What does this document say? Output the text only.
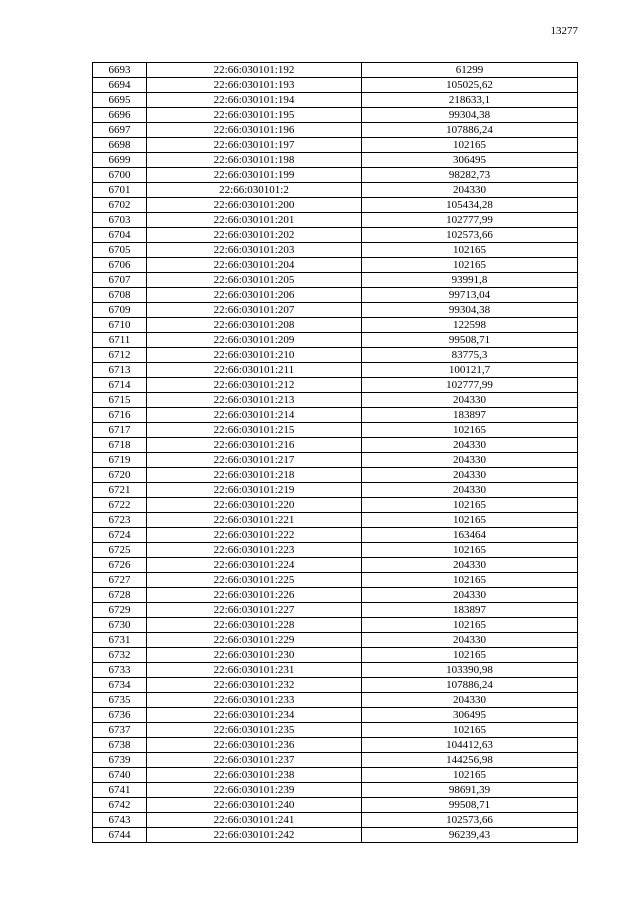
13277
6693	22:66:030101:192	61299
6694	22:66:030101:193	105025,62
6695	22:66:030101:194	218633,1
6696	22:66:030101:195	99304,38
6697	22:66:030101:196	107886,24
6698	22:66:030101:197	102165
6699	22:66:030101:198	306495
6700	22:66:030101:199	98282,73
6701	22:66:030101:2	204330
6702	22:66:030101:200	105434,28
6703	22:66:030101:201	102777,99
6704	22:66:030101:202	102573,66
6705	22:66:030101:203	102165
6706	22:66:030101:204	102165
6707	22:66:030101:205	93991,8
6708	22:66:030101:206	99713,04
6709	22:66:030101:207	99304,38
6710	22:66:030101:208	122598
6711	22:66:030101:209	99508,71
6712	22:66:030101:210	83775,3
6713	22:66:030101:211	100121,7
6714	22:66:030101:212	102777,99
6715	22:66:030101:213	204330
6716	22:66:030101:214	183897
6717	22:66:030101:215	102165
6718	22:66:030101:216	204330
6719	22:66:030101:217	204330
6720	22:66:030101:218	204330
6721	22:66:030101:219	204330
6722	22:66:030101:220	102165
6723	22:66:030101:221	102165
6724	22:66:030101:222	163464
6725	22:66:030101:223	102165
6726	22:66:030101:224	204330
6727	22:66:030101:225	102165
6728	22:66:030101:226	204330
6729	22:66:030101:227	183897
6730	22:66:030101:228	102165
6731	22:66:030101:229	204330
6732	22:66:030101:230	102165
6733	22:66:030101:231	103390,98
6734	22:66:030101:232	107886,24
6735	22:66:030101:233	204330
6736	22:66:030101:234	306495
6737	22:66:030101:235	102165
6738	22:66:030101:236	104412,63
6739	22:66:030101:237	144256,98
6740	22:66:030101:238	102165
6741	22:66:030101:239	98691,39
6742	22:66:030101:240	99508,71
6743	22:66:030101:241	102573,66
6744	22:66:030101:242	96239,43
